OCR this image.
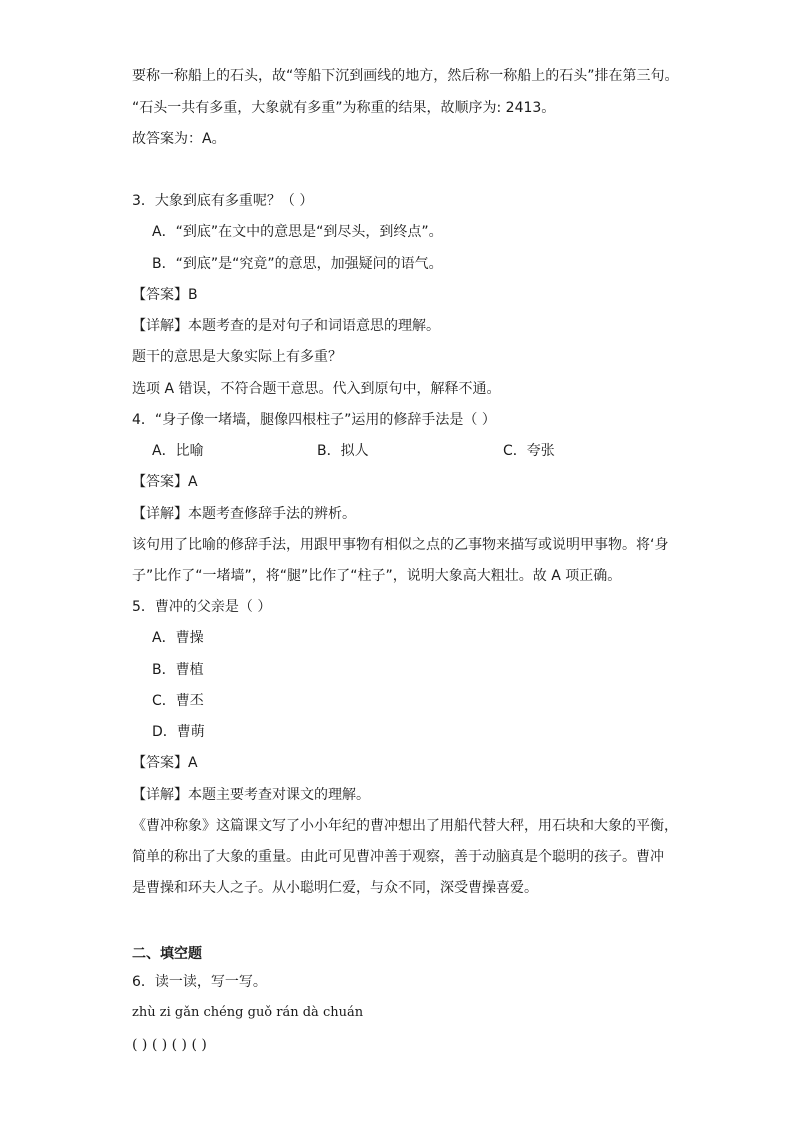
要称一称船上的石头，故“等船下沉到画线的地方，然后称一称船上的石头”排在第三句。
“石头一共有多重，大象就有多重”为称重的结果，故顺序为: 2413。
故答案为：A。
3．大象到底有多重呢？（ ）
A．“到底”在文中的意思是“到尽头，到终点”。
B．“到底”是“究竟”的意思，加强疑问的语气。
【答案】B
【详解】本题考查的是对句子和词语意思的理解。
题干的意思是大象实际上有多重？
选项 A 错误，不符合题干意思。代入到原句中，解释不通。
4．“身子像一堵墙，腿像四根柱子”运用的修辞手法是（ ）
A．比喻	B．拟人	C．夸张
【答案】A
【详解】本题考查修辞手法的辨析。
该句用了比喻的修辞手法，用跟甲事物有相似之点的乙事物来描写或说明甲事物。将‘身
子”比作了“一堵墙”，将“腿”比作了“柱子”，说明大象高大粗壮。故 A 项正确。
5．曹冲的父亲是（ ）
A．曹操
B．曹植
C．曹丕
D．曹萌
【答案】A
【详解】本题主要考查对课文的理解。
《曹冲称象》这篇课文写了小小年纪的曹冲想出了用船代替大秤，用石块和大象的平衡，
简单的称出了大象的重量。由此可见曹冲善于观察，善于动脑真是个聪明的孩子。曹冲
是曹操和环夫人之子。从小聪明仁爱，与众不同，深受曹操喜爱。
二、填空题
6．读一读，写一写。
zhù zi gǎn chéng guǒ rán dà chuán
( ) ( ) ( ) ( )
